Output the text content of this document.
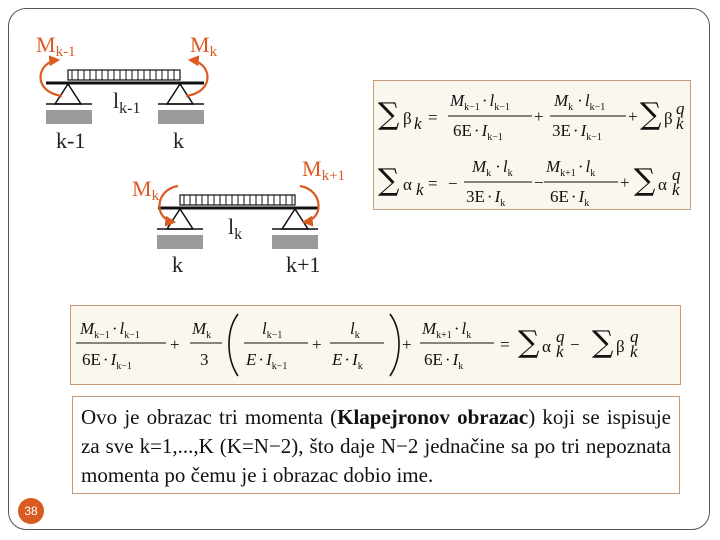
Mk-1	Mk
$l_{k-1}$
k-1	k
Mk
Mk+1
$l_k$
k	k+1
∑ β k =
$M_{k-1} \cdot l_{k-1}$
$6E \cdot I_{k-1}$
+
$M_k \cdot l_{k-1}$
$3E \cdot I_{k-1}$
+ ∑ β
q
k
∑ α k = −
$M_k \cdot l_k$
$3E \cdot I_k$
−
$M_{k+1} \cdot l_k$
$6E \cdot I_k$
+ ∑ α
q
k
$M_{k-1} \cdot l_{k-1}$
$6E \cdot I_{k-1}$
+
$M_k$
3
$l_{k-1}$
$E \cdot I_{k-1}$
+
$l_k$
$E \cdot I_k$
+
$M_{k+1} \cdot l_k$
$6E \cdot I_k$
= ∑ α
q
k − ∑ β
q
k
Ovo je obrazac tri momenta (Klapejronov obrazac) koji se ispisuje za sve k=1,...,K (K=N−2), što daje N−2 jednačine sa po tri nepoznata momenta po čemu je i obrazac dobio ime.
38
